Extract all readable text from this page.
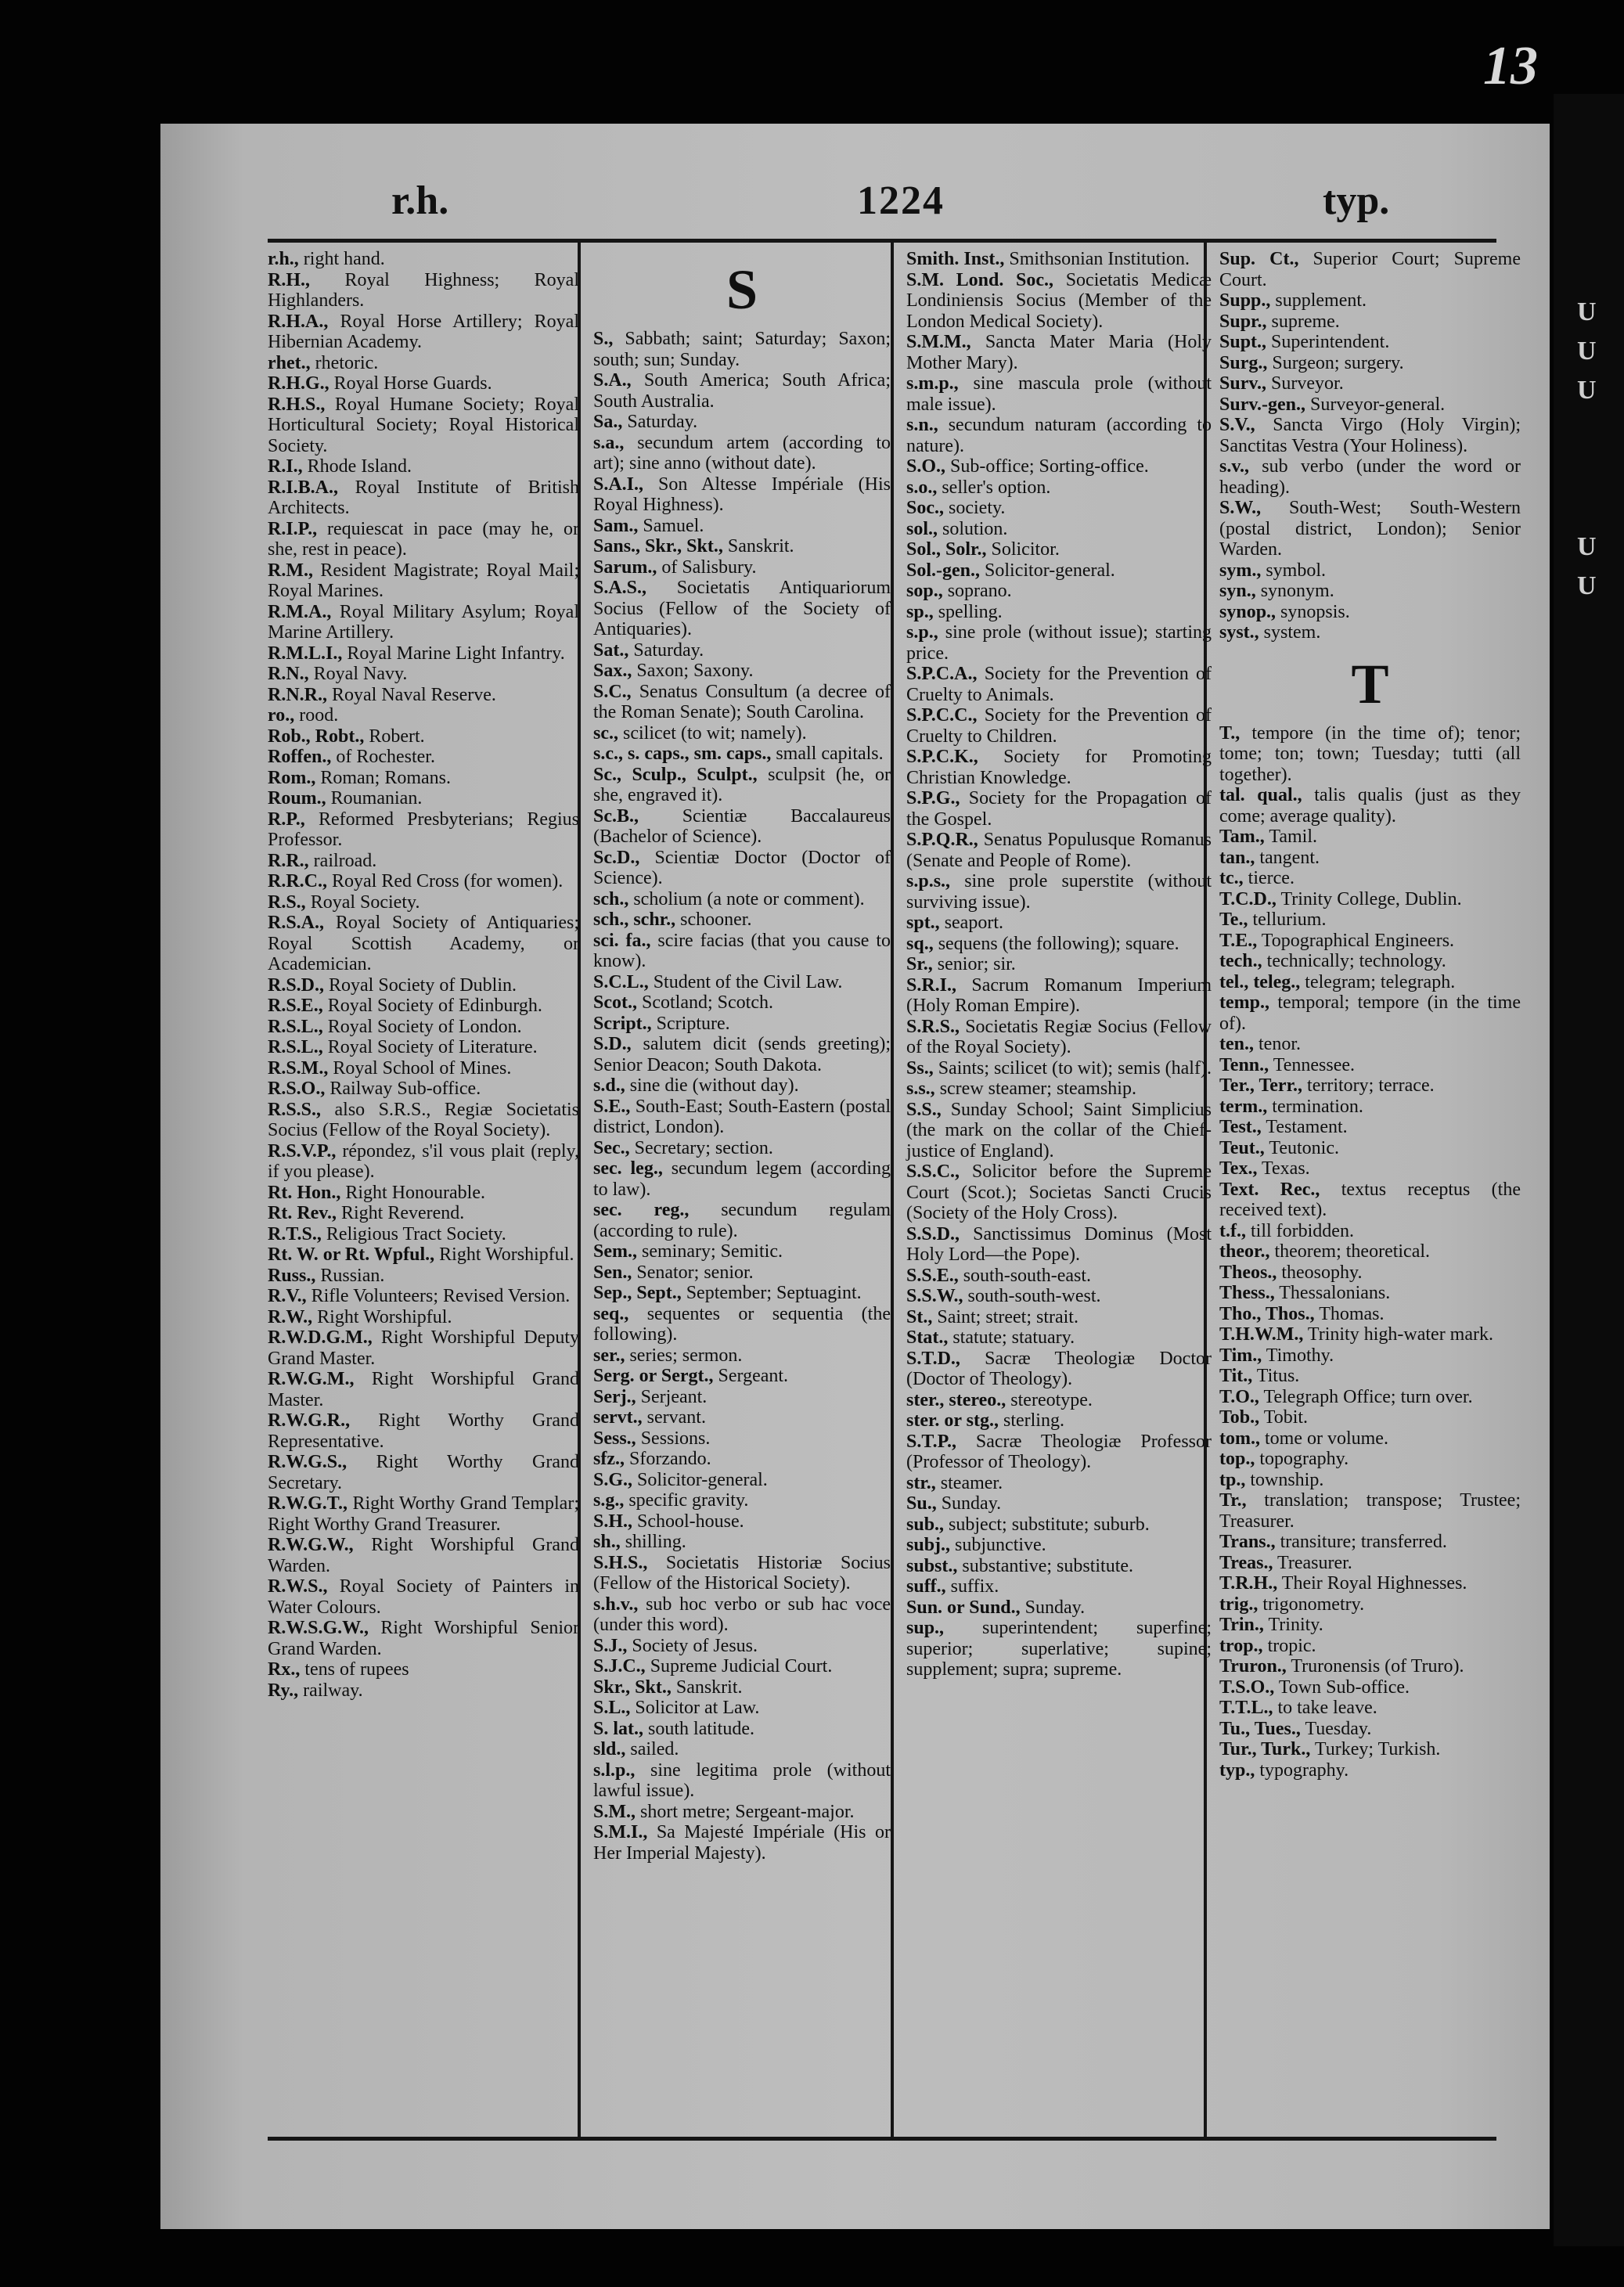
13
U
U
U
U
U
r.h.	1224	typ.

r.h., right hand.

R.H., Royal Highness; Royal Highlanders.

R.H.A., Royal Horse Artillery; Royal Hibernian Academy.

rhet., rhetoric.

R.H.G., Royal Horse Guards.

R.H.S., Royal Humane Society; Royal Horticultural Society; Royal Historical Society.

R.I., Rhode Island.

R.I.B.A., Royal Institute of British Architects.

R.I.P., requiescat in pace (may he, or she, rest in peace).

R.M., Resident Magistrate; Royal Mail; Royal Marines.

R.M.A., Royal Military Asylum; Royal Marine Artillery.

R.M.L.I., Royal Marine Light Infantry.

R.N., Royal Navy.

R.N.R., Royal Naval Reserve.

ro., rood.

Rob., Robt., Robert.

Roffen., of Rochester.

Rom., Roman; Romans.

Roum., Roumanian.

R.P., Reformed Presbyterians; Regius Professor.

R.R., railroad.

R.R.C., Royal Red Cross (for women).

R.S., Royal Society.

R.S.A., Royal Society of Antiquaries; Royal Scottish Academy, or Academician.

R.S.D., Royal Society of Dublin.

R.S.E., Royal Society of Edinburgh.

R.S.L., Royal Society of London.

R.S.L., Royal Society of Literature.

R.S.M., Royal School of Mines.

R.S.O., Railway Sub-office.

R.S.S., also S.R.S., Regiæ Societatis Socius (Fellow of the Royal Society).

R.S.V.P., répondez, s'il vous plait (reply, if you please).

Rt. Hon., Right Honourable.

Rt. Rev., Right Reverend.

R.T.S., Religious Tract Society.

Rt. W. or Rt. Wpful., Right Worshipful.

Russ., Russian.

R.V., Rifle Volunteers; Revised Version.

R.W., Right Worshipful.

R.W.D.G.M., Right Worshipful Deputy Grand Master.

R.W.G.M., Right Worshipful Grand Master.

R.W.G.R., Right Worthy Grand Representative.

R.W.G.S., Right Worthy Grand Secretary.

R.W.G.T., Right Worthy Grand Templar; Right Worthy Grand Treasurer.

R.W.G.W., Right Worshipful Grand Warden.

R.W.S., Royal Society of Painters in Water Colours.

R.W.S.G.W., Right Worshipful Senior Grand Warden.

Rx., tens of rupees

Ry., railway.

S

S., Sabbath; saint; Saturday; Saxon; south; sun; Sunday.

S.A., South America; South Africa; South Australia.

Sa., Saturday.

s.a., secundum artem (according to art); sine anno (without date).

S.A.I., Son Altesse Impériale (His Royal Highness).

Sam., Samuel.

Sans., Skr., Skt., Sanskrit.

Sarum., of Salisbury.

S.A.S., Societatis Antiquariorum Socius (Fellow of the Society of Antiquaries).

Sat., Saturday.

Sax., Saxon; Saxony.

S.C., Senatus Consultum (a decree of the Roman Senate); South Carolina.

sc., scilicet (to wit; namely).

s.c., s. caps., sm. caps., small capitals.

Sc., Sculp., Sculpt., sculpsit (he, or she, engraved it).

Sc.B., Scientiæ Baccalaureus (Bachelor of Science).

Sc.D., Scientiæ Doctor (Doctor of Science).

sch., scholium (a note or comment).

sch., schr., schooner.

sci. fa., scire facias (that you cause to know).

S.C.L., Student of the Civil Law.

Scot., Scotland; Scotch.

Script., Scripture.

S.D., salutem dicit (sends greeting); Senior Deacon; South Dakota.

s.d., sine die (without day).

S.E., South-East; South-Eastern (postal district, London).

Sec., Secretary; section.

sec. leg., secundum legem (according to law).

sec. reg., secundum regulam (according to rule).

Sem., seminary; Semitic.

Sen., Senator; senior.

Sep., Sept., September; Septuagint.

seq., sequentes or sequentia (the following).

ser., series; sermon.

Serg. or Sergt., Sergeant.

Serj., Serjeant.

servt., servant.

Sess., Sessions.

sfz., Sforzando.

S.G., Solicitor-general.

s.g., specific gravity.

S.H., School-house.

sh., shilling.

S.H.S., Societatis Historiæ Socius (Fellow of the Historical Society).

s.h.v., sub hoc verbo or sub hac voce (under this word).

S.J., Society of Jesus.

S.J.C., Supreme Judicial Court.

Skr., Skt., Sanskrit.

S.L., Solicitor at Law.

S. lat., south latitude.

sld., sailed.

s.l.p., sine legitima prole (without lawful issue).

S.M., short metre; Sergeant-major.

S.M.I., Sa Majesté Impériale (His or Her Imperial Majesty).

Smith. Inst., Smithsonian Institution.

S.M. Lond. Soc., Societatis Medicæ Londiniensis Socius (Member of the London Medical Society).

S.M.M., Sancta Mater Maria (Holy Mother Mary).

s.m.p., sine mascula prole (without male issue).

s.n., secundum naturam (according to nature).

S.O., Sub-office; Sorting-office.

s.o., seller's option.

Soc., society.

sol., solution.

Sol., Solr., Solicitor.

Sol.-gen., Solicitor-general.

sop., soprano.

sp., spelling.

s.p., sine prole (without issue); starting price.

S.P.C.A., Society for the Prevention of Cruelty to Animals.

S.P.C.C., Society for the Prevention of Cruelty to Children.

S.P.C.K., Society for Promoting Christian Knowledge.

S.P.G., Society for the Propagation of the Gospel.

S.P.Q.R., Senatus Populusque Romanus (Senate and People of Rome).

s.p.s., sine prole superstite (without surviving issue).

spt., seaport.

sq., sequens (the following); square.

Sr., senior; sir.

S.R.I., Sacrum Romanum Imperium (Holy Roman Empire).

S.R.S., Societatis Regiæ Socius (Fellow of the Royal Society).

Ss., Saints; scilicet (to wit); semis (half).

s.s., screw steamer; steamship.

S.S., Sunday School; Saint Simplicius (the mark on the collar of the Chief-justice of England).

S.S.C., Solicitor before the Supreme Court (Scot.); Societas Sancti Crucis (Society of the Holy Cross).

S.S.D., Sanctissimus Dominus (Most Holy Lord—the Pope).

S.S.E., south-south-east.

S.S.W., south-south-west.

St., Saint; street; strait.

Stat., statute; statuary.

S.T.D., Sacræ Theologiæ Doctor (Doctor of Theology).

ster., stereo., stereotype.

ster. or stg., sterling.

S.T.P., Sacræ Theologiæ Professor (Professor of Theology).

str., steamer.

Su., Sunday.

sub., subject; substitute; suburb.

subj., subjunctive.

subst., substantive; substitute.

suff., suffix.

Sun. or Sund., Sunday.

sup., superintendent; superfine; superior; superlative; supine; supplement; supra; supreme.

Sup. Ct., Superior Court; Supreme Court.

Supp., supplement.

Supr., supreme.

Supt., Superintendent.

Surg., Surgeon; surgery.

Surv., Surveyor.

Surv.-gen., Surveyor-general.

S.V., Sancta Virgo (Holy Virgin); Sanctitas Vestra (Your Holiness).

s.v., sub verbo (under the word or heading).

S.W., South-West; South-Western (postal district, London); Senior Warden.

sym., symbol.

syn., synonym.

synop., synopsis.

syst., system.

T

T., tempore (in the time of); tenor; tome; ton; town; Tuesday; tutti (all together).

tal. qual., talis qualis (just as they come; average quality).

Tam., Tamil.

tan., tangent.

tc., tierce.

T.C.D., Trinity College, Dublin.

Te., tellurium.

T.E., Topographical Engineers.

tech., technically; technology.

tel., teleg., telegram; telegraph.

temp., temporal; tempore (in the time of).

ten., tenor.

Tenn., Tennessee.

Ter., Terr., territory; terrace.

term., termination.

Test., Testament.

Teut., Teutonic.

Tex., Texas.

Text. Rec., textus receptus (the received text).

t.f., till forbidden.

theor., theorem; theoretical.

Theos., theosophy.

Thess., Thessalonians.

Tho., Thos., Thomas.

T.H.W.M., Trinity high-water mark.

Tim., Timothy.

Tit., Titus.

T.O., Telegraph Office; turn over.

Tob., Tobit.

tom., tome or volume.

top., topography.

tp., township.

Tr., translation; transpose; Trustee; Treasurer.

Trans., transiture; transferred.

Treas., Treasurer.

T.R.H., Their Royal Highnesses.

trig., trigonometry.

Trin., Trinity.

trop., tropic.

Truron., Truronensis (of Truro).

T.S.O., Town Sub-office.

T.T.L., to take leave.

Tu., Tues., Tuesday.

Tur., Turk., Turkey; Turkish.

typ., typography.
